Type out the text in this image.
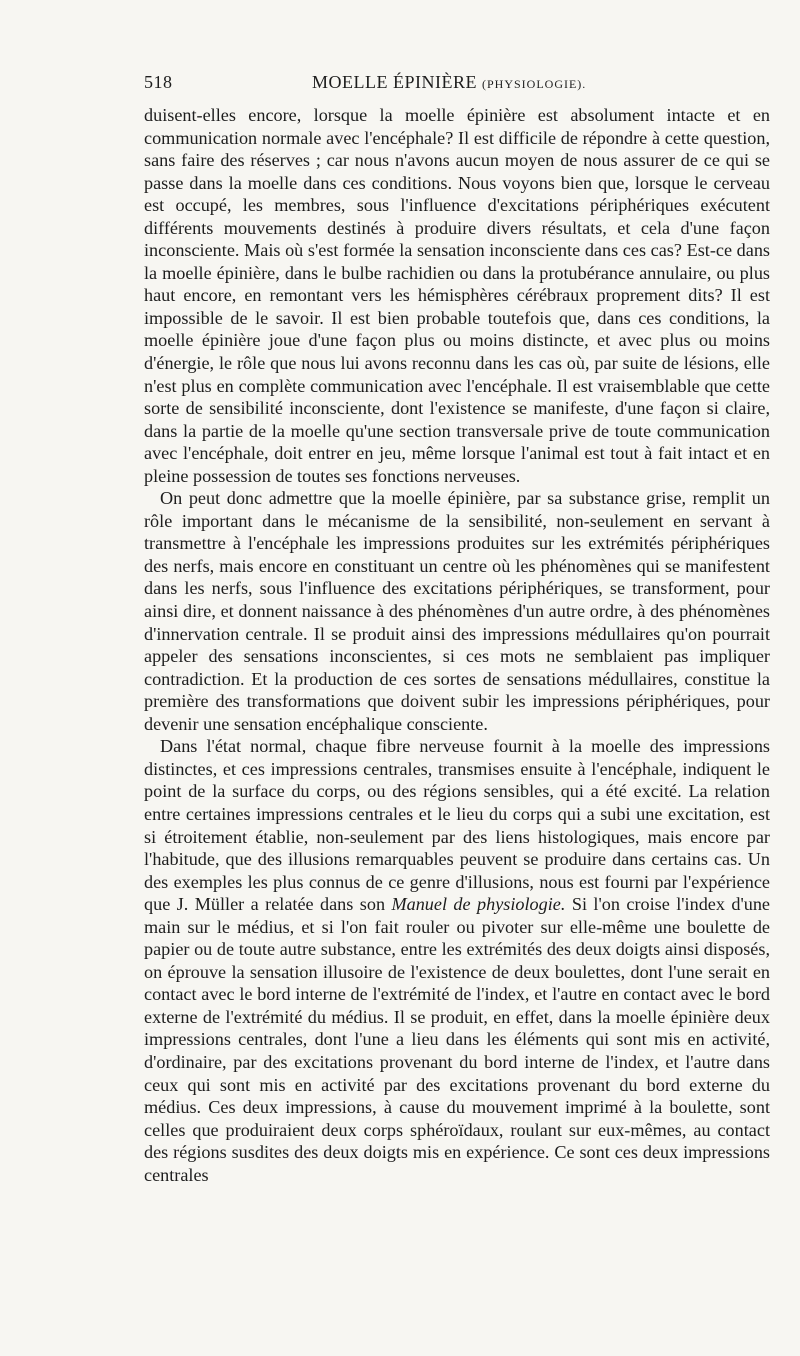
518	MOELLE ÉPINIÈRE (PHYSIOLOGIE).

duisent-elles encore, lorsque la moelle épinière est absolument intacte et en communication normale avec l'encéphale? Il est difficile de répondre à cette question, sans faire des réserves ; car nous n'avons aucun moyen de nous assurer de ce qui se passe dans la moelle dans ces conditions. Nous voyons bien que, lorsque le cerveau est occupé, les membres, sous l'influence d'excitations périphériques exécutent différents mouvements destinés à produire divers résultats, et cela d'une façon inconsciente. Mais où s'est formée la sensation inconsciente dans ces cas? Est-ce dans la moelle épinière, dans le bulbe rachidien ou dans la protubérance annulaire, ou plus haut encore, en remontant vers les hémisphères cérébraux proprement dits? Il est impossible de le savoir. Il est bien probable toutefois que, dans ces conditions, la moelle épinière joue d'une façon plus ou moins distincte, et avec plus ou moins d'énergie, le rôle que nous lui avons reconnu dans les cas où, par suite de lésions, elle n'est plus en complète communication avec l'encéphale. Il est vraisemblable que cette sorte de sensibilité inconsciente, dont l'existence se manifeste, d'une façon si claire, dans la partie de la moelle qu'une section transversale prive de toute communication avec l'encéphale, doit entrer en jeu, même lorsque l'animal est tout à fait intact et en pleine possession de toutes ses fonctions nerveuses.

On peut donc admettre que la moelle épinière, par sa substance grise, remplit un rôle important dans le mécanisme de la sensibilité, non-seulement en servant à transmettre à l'encéphale les impressions produites sur les extrémités périphériques des nerfs, mais encore en constituant un centre où les phénomènes qui se manifestent dans les nerfs, sous l'influence des excitations périphériques, se transforment, pour ainsi dire, et donnent naissance à des phénomènes d'un autre ordre, à des phénomènes d'innervation centrale. Il se produit ainsi des impressions médullaires qu'on pourrait appeler des sensations inconscientes, si ces mots ne semblaient pas impliquer contradiction. Et la production de ces sortes de sensations médullaires, constitue la première des transformations que doivent subir les impressions périphériques, pour devenir une sensation encéphalique consciente.

Dans l'état normal, chaque fibre nerveuse fournit à la moelle des impressions distinctes, et ces impressions centrales, transmises ensuite à l'encéphale, indiquent le point de la surface du corps, ou des régions sensibles, qui a été excité. La relation entre certaines impressions centrales et le lieu du corps qui a subi une excitation, est si étroitement établie, non-seulement par des liens histologiques, mais encore par l'habitude, que des illusions remarquables peuvent se produire dans certains cas. Un des exemples les plus connus de ce genre d'illusions, nous est fourni par l'expérience que J. Müller a relatée dans son Manuel de physiologie. Si l'on croise l'index d'une main sur le médius, et si l'on fait rouler ou pivoter sur elle-même une boulette de papier ou de toute autre substance, entre les extrémités des deux doigts ainsi disposés, on éprouve la sensation illusoire de l'existence de deux boulettes, dont l'une serait en contact avec le bord interne de l'extrémité de l'index, et l'autre en contact avec le bord externe de l'extrémité du médius. Il se produit, en effet, dans la moelle épinière deux impressions centrales, dont l'une a lieu dans les éléments qui sont mis en activité, d'ordinaire, par des excitations provenant du bord interne de l'index, et l'autre dans ceux qui sont mis en activité par des excitations provenant du bord externe du médius. Ces deux impressions, à cause du mouvement imprimé à la boulette, sont celles que produiraient deux corps sphéroïdaux, roulant sur eux-mêmes, au contact des régions susdites des deux doigts mis en expérience. Ce sont ces deux impressions centrales
